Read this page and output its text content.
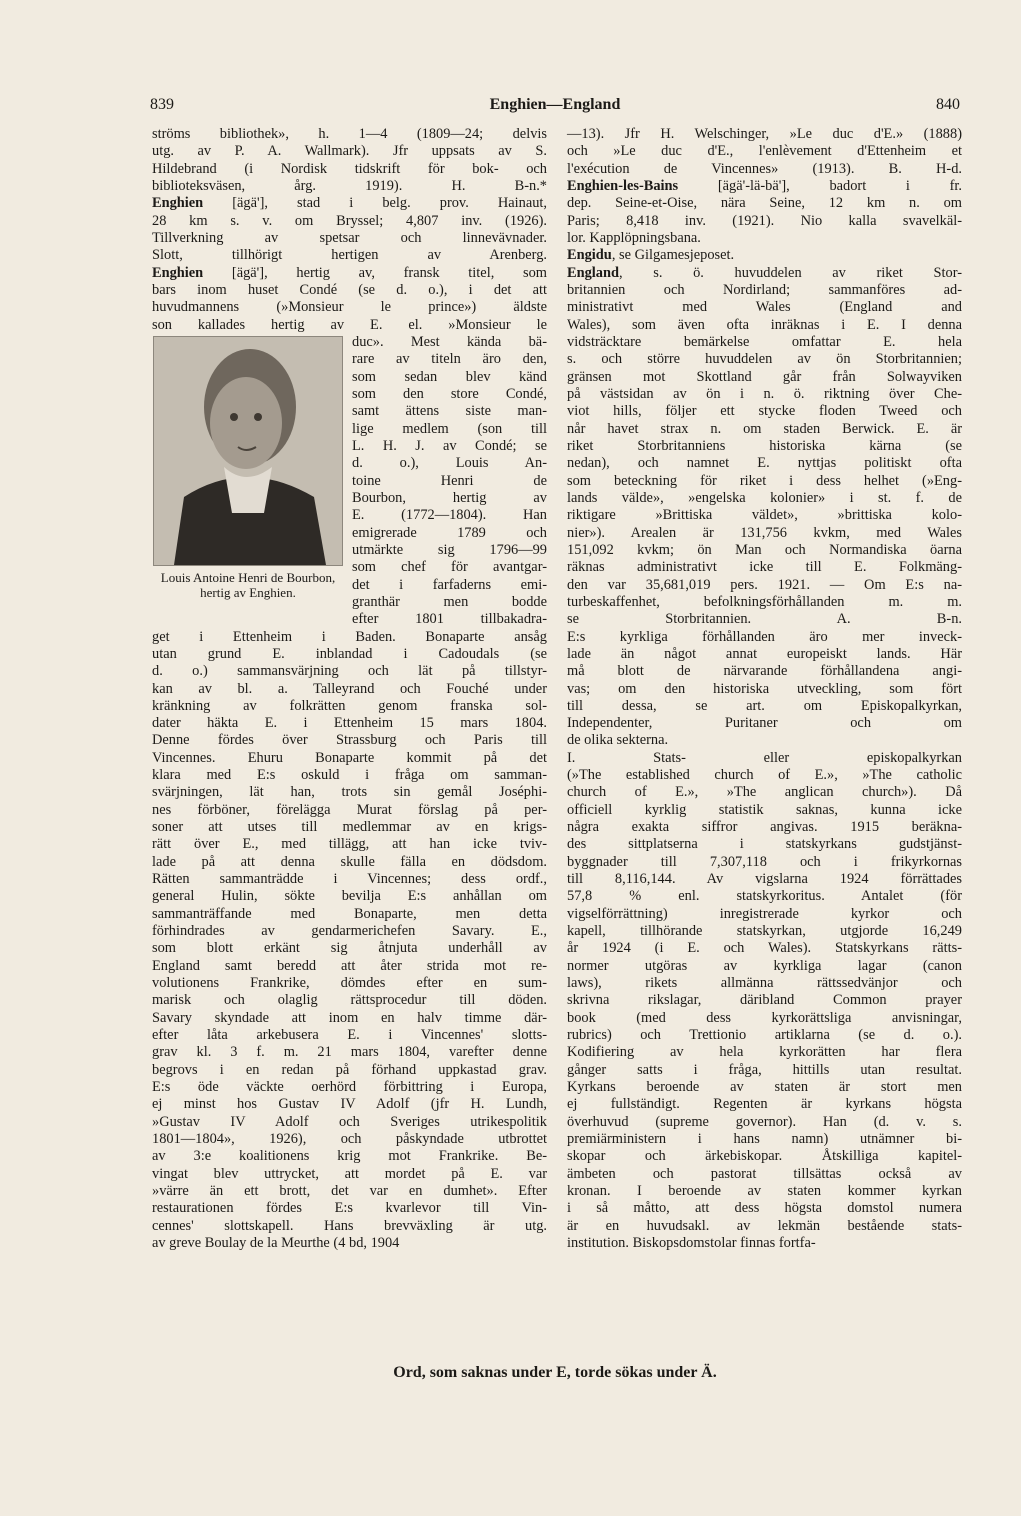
839	Enghien—England	840
ströms bibliothek», h. 1—4 (1809—24; delvis
utg. av P. A. Wallmark). Jfr uppsats av S.
Hildebrand (i Nordisk tidskrift för bok- och
biblioteksväsen, årg. 1919). H. B-n.*
Enghien [ägä'], stad i belg. prov. Hainaut,
28 km s. v. om Bryssel; 4,807 inv. (1926).
Tillverkning av spetsar och linnevävnader.
Slott, tillhörigt hertigen av Arenberg.
Enghien [ägä'], hertig av, fransk titel, som
bars inom huset Condé (se d. o.), i det att
huvudmannens (»Monsieur le prince») äldste
son kallades hertig av E. el. »Monsieur le
Louis Antoine Henri de Bourbon, hertig av Enghien.
duc». Mest kända bä-
rare av titeln äro den,
som sedan blev känd
som den store Condé,
samt ättens siste man-
lige medlem (son till
L. H. J. av Condé; se
d. o.), Louis An-
toine Henri de
Bourbon, hertig av
E. (1772—1804). Han
emigrerade 1789 och
utmärkte sig 1796—99
som chef för avantgar-
det i farfaderns emi-
granthär men bodde
efter 1801 tillbakadra-
get i Ettenheim i Baden. Bonaparte ansåg
utan grund E. inblandad i Cadoudals (se
d. o.) sammansvärjning och lät på tillstyr-
kan av bl. a. Talleyrand och Fouché under
kränkning av folkrätten genom franska sol-
dater häkta E. i Ettenheim 15 mars 1804.
Denne fördes över Strassburg och Paris till
Vincennes. Ehuru Bonaparte kommit på det
klara med E:s oskuld i fråga om samman-
svärjningen, lät han, trots sin gemål Joséphi-
nes förböner, förelägga Murat förslag på per-
soner att utses till medlemmar av en krigs-
rätt över E., med tillägg, att han icke tviv-
lade på att denna skulle fälla en dödsdom.
Rätten sammanträdde i Vincennes; dess ordf.,
general Hulin, sökte bevilja E:s anhållan om
sammanträffande med Bonaparte, men detta
förhindrades av gendarmerichefen Savary. E.,
som blott erkänt sig åtnjuta underhåll av
England samt beredd att åter strida mot re-
volutionens Frankrike, dömdes efter en sum-
marisk och olaglig rättsprocedur till döden.
Savary skyndade att inom en halv timme där-
efter låta arkebusera E. i Vincennes' slotts-
grav kl. 3 f. m. 21 mars 1804, varefter denne
begrovs i en redan på förhand uppkastad grav.
E:s öde väckte oerhörd förbittring i Europa,
ej minst hos Gustav IV Adolf (jfr H. Lundh,
»Gustav IV Adolf och Sveriges utrikespolitik
1801—1804», 1926), och påskyndade utbrottet
av 3:e koalitionens krig mot Frankrike. Be-
vingat blev uttrycket, att mordet på E. var
»värre än ett brott, det var en dumhet». Efter
restaurationen fördes E:s kvarlevor till Vin-
cennes' slottskapell. Hans brevväxling är utg.
av greve Boulay de la Meurthe (4 bd, 1904
—13). Jfr H. Welschinger, »Le duc d'E.» (1888)
och »Le duc d'E., l'enlèvement d'Ettenheim et
l'exécution de Vincennes» (1913). B. H-d.
Enghien-les-Bains [ägä'-lä-bä'], badort i fr.
dep. Seine-et-Oise, nära Seine, 12 km n. om
Paris; 8,418 inv. (1921). Nio kalla svavelkäl-
lor. Kapplöpningsbana.
Engidu, se Gilgamesjeposet.
England, s. ö. huvuddelen av riket Stor-
britannien och Nordirland; sammanföres ad-
ministrativt med Wales (England and
Wales), som även ofta inräknas i E. I denna
vidsträcktare bemärkelse omfattar E. hela
s. och större huvuddelen av ön Storbritannien;
gränsen mot Skottland går från Solwayviken
på västsidan av ön i n. ö. riktning över Che-
viot hills, följer ett stycke floden Tweed och
når havet strax n. om staden Berwick. E. är
riket Storbritanniens historiska kärna (se
nedan), och namnet E. nyttjas politiskt ofta
som beteckning för riket i dess helhet (»Eng-
lands välde», »engelska kolonier» i st. f. de
riktigare »Brittiska väldet», »brittiska kolo-
nier»). Arealen är 131,756 kvkm, med Wales
151,092 kvkm; ön Man och Normandiska öarna
räknas administrativt icke till E. Folkmäng-
den var 35,681,019 pers. 1921. — Om E:s na-
turbeskaffenhet, befolkningsförhållanden m. m.
se Storbritannien. A. B-n.
E:s kyrkliga förhållanden äro mer inveck-
lade än något annat europeiskt lands. Här
må blott de närvarande förhållandena angi-
vas; om den historiska utveckling, som fört
till dessa, se art. om Episkopalkyrkan,
Independenter, Puritaner och om
de olika sekterna.
I. Stats- eller episkopalkyrkan
(»The established church of E.», »The catholic
church of E.», »The anglican church»). Då
officiell kyrklig statistik saknas, kunna icke
några exakta siffror angivas. 1915 beräkna-
des sittplatserna i statskyrkans gudstjänst-
byggnader till 7,307,118 och i frikyrkornas
till 8,116,144. Av vigslarna 1924 förrättades
57,8 % enl. statskyrkoritus. Antalet (för
vigselförrättning) inregistrerade kyrkor och
kapell, tillhörande statskyrkan, utgjorde 16,249
år 1924 (i E. och Wales). Statskyrkans rätts-
normer utgöras av kyrkliga lagar (canon
laws), rikets allmänna rättssedvänjor och
skrivna rikslagar, däribland Common prayer
book (med dess kyrkorättsliga anvisningar,
rubrics) och Trettionio artiklarna (se d. o.).
Kodifiering av hela kyrkorätten har flera
gånger satts i fråga, hittills utan resultat.
Kyrkans beroende av staten är stort men
ej fullständigt. Regenten är kyrkans högsta
överhuvud (supreme governor). Han (d. v. s.
premiärministern i hans namn) utnämner bi-
skopar och ärkebiskopar. Åtskilliga kapitel-
ämbeten och pastorat tillsättas också av
kronan. I beroende av staten kommer kyrkan
i så måtto, att dess högsta domstol numera
är en huvudsakl. av lekmän bestående stats-
institution. Biskopsdomstolar finnas fortfa-
Ord, som saknas under E, torde sökas under Ä.
